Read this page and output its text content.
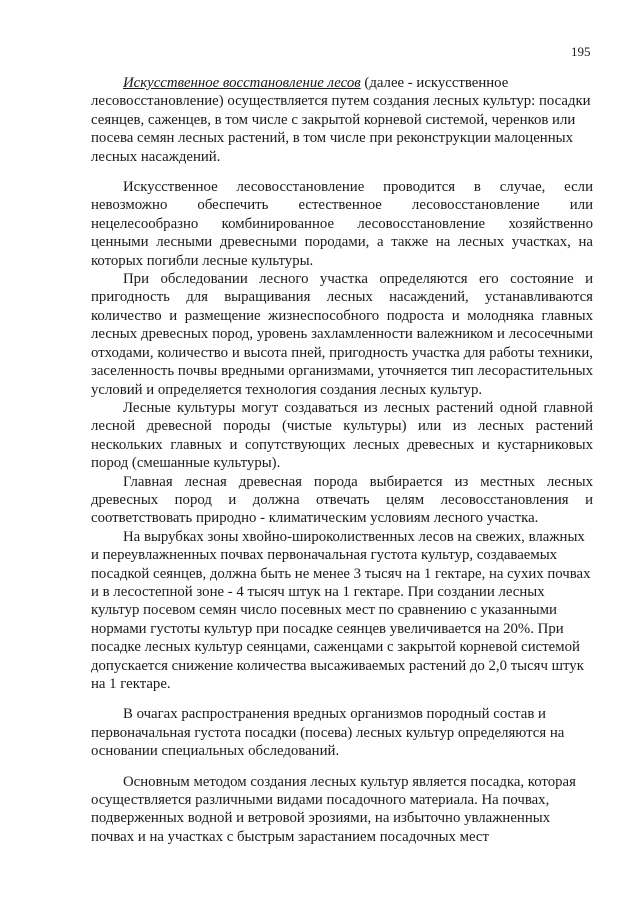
195

Искусственное восстановление лесов (далее - искусственное лесовосстановление) осуществляется путем создания лесных культур: посадки сеянцев, саженцев, в том числе с закрытой корневой системой, черенков или посева семян лесных растений, в том числе при реконструкции малоценных лесных насаждений.

Искусственное лесовосстановление проводится в случае, если невозможно обеспечить естественное лесовосстановление или нецелесообразно комбинированное лесовосстановление хозяйственно ценными лесными древесными породами, а также на лесных участках, на которых погибли лесные культуры.

При обследовании лесного участка определяются его состояние и пригодность для выращивания лесных насаждений, устанавливаются количество и размещение жизнеспособного подроста и молодняка главных лесных древесных пород, уровень захламленности валежником и лесосечными отходами, количество и высота пней, пригодность участка для работы техники, заселенность почвы вредными организмами, уточняется тип лесорастительных условий и определяется технология создания лесных культур.

Лесные культуры могут создаваться из лесных растений одной главной лесной древесной породы (чистые культуры) или из лесных растений нескольких главных и сопутствующих лесных древесных и кустарниковых пород (смешанные культуры).

Главная лесная древесная порода выбирается из местных лесных древесных пород и должна отвечать целям лесовосстановления и соответствовать природно - климатическим условиям лесного участка.

На вырубках зоны хвойно-широколиственных лесов на свежих, влажных и переувлажненных почвах первоначальная густота культур, создаваемых посадкой сеянцев, должна быть не менее 3 тысяч на 1 гектаре, на сухих почвах и в лесостепной зоне - 4 тысяч штук на 1 гектаре. При создании лесных культур посевом семян число посевных мест по сравнению с указанными нормами густоты культур при посадке сеянцев увеличивается на 20%. При посадке лесных культур сеянцами, саженцами с закрытой корневой системой допускается снижение количества высаживаемых растений до 2,0 тысяч штук на 1 гектаре.

В очагах распространения вредных организмов породный состав и первоначальная густота посадки (посева) лесных культур определяются на основании специальных обследований.

Основным методом создания лесных культур является посадка, которая осуществляется различными видами посадочного материала. На почвах, подверженных водной и ветровой эрозиями, на избыточно увлажненных почвах и на участках с быстрым зарастанием посадочных мест
